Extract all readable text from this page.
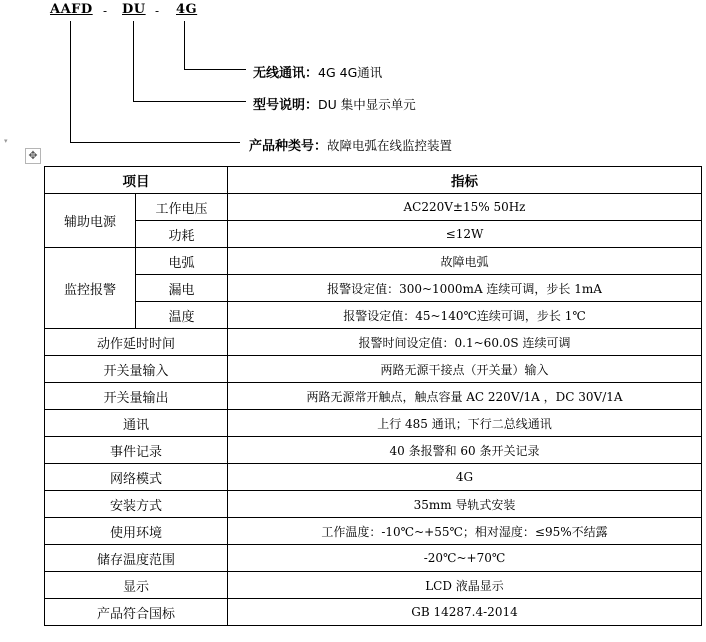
AAFD - DU - 4G
无线通讯：4G 4G通讯
型号说明：DU 集中显示单元
产品种类号：故障电弧在线监控装置
▾
✥
项目		指标
辅助电源	工作电压	AC220V±15% 50Hz
	功耗	≤12W
监控报警	电弧	故障电弧
	漏电	报警设定值：300~1000mA 连续可调，步长 1mA
	温度	报警设定值：45~140℃连续可调，步长 1℃
动作延时时间		报警时间设定值：0.1~60.0S 连续可调
开关量输入		两路无源干接点（开关量）输入
开关量输出		两路无源常开触点，触点容量 AC 220V/1A ，DC 30V/1A
通讯		上行 485 通讯；下行二总线通讯
事件记录		40 条报警和 60 条开关记录
网络模式		4G
安装方式		35mm 导轨式安装
使用环境		工作温度：-10℃~+55℃；相对湿度：≤95%不结露
储存温度范围		-20℃~+70℃
显示		LCD 液晶显示
产品符合国标		GB 14287.4-2014
